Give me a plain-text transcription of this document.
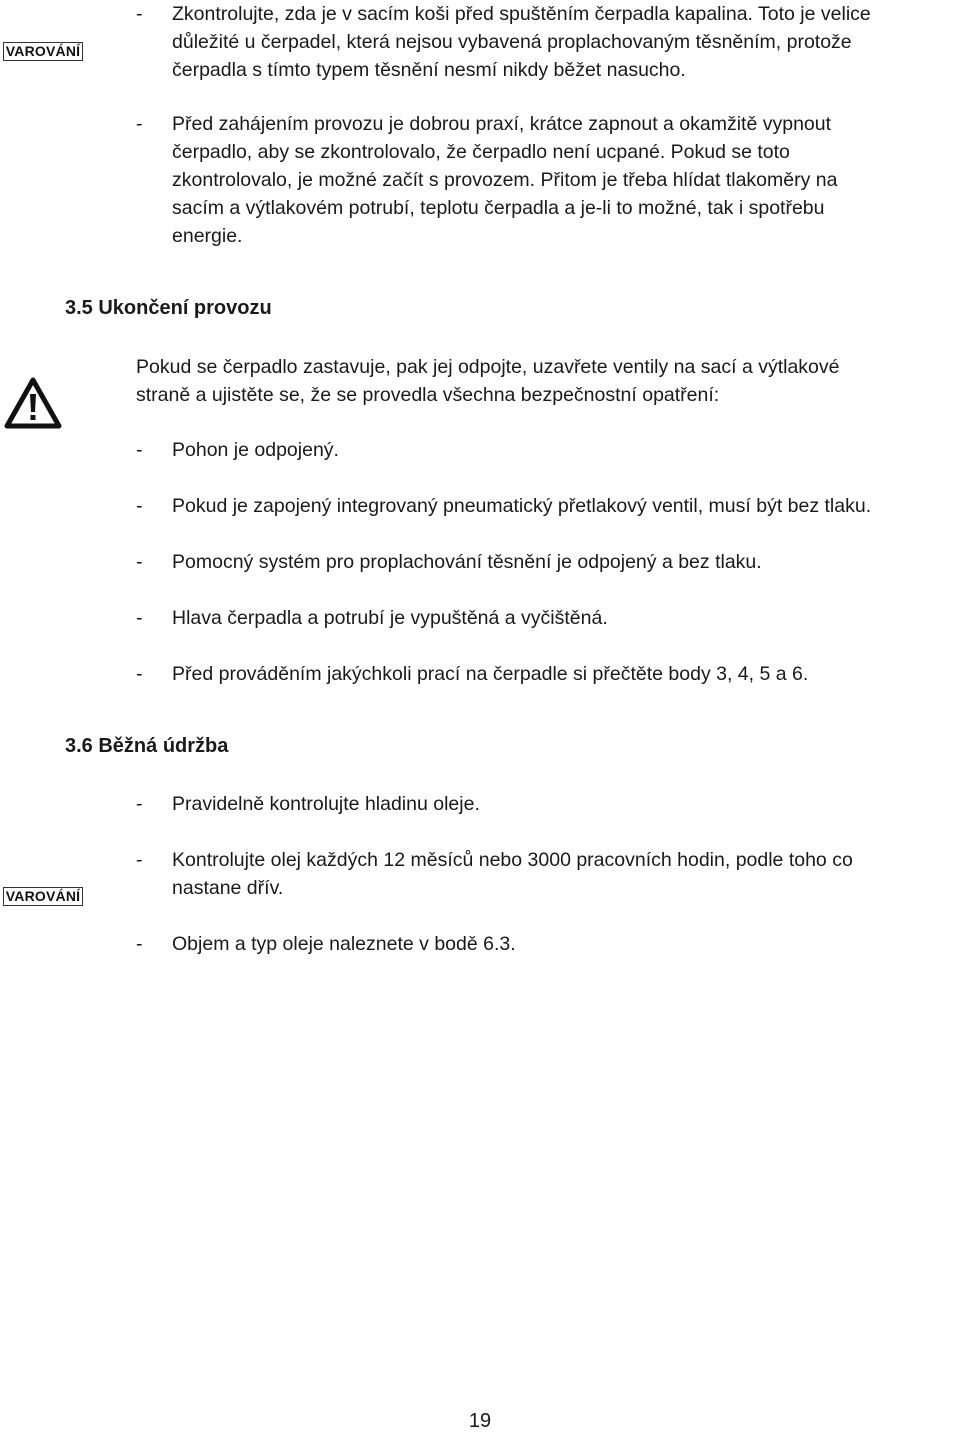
VAROVÁNÍ
- Zkontrolujte, zda je v sacím koši před spuštěním čerpadla kapalina. Toto je velice
důležité u čerpadel, která nejsou vybavená proplachovaným těsněním, protože
čerpadla s tímto typem těsnění nesmí nikdy běžet nasucho.
- Před zahájením provozu je dobrou praxí, krátce zapnout a okamžitě vypnout
čerpadlo, aby se zkontrolovalo, že čerpadlo není ucpané. Pokud se toto
zkontrolovalo, je možné začít s provozem. Přitom je třeba hlídat tlakoměry na
sacím a výtlakovém potrubí, teplotu čerpadla a je-li to možné, tak i spotřebu
energie.
3.5 Ukončení provozu
Pokud se čerpadlo zastavuje, pak jej odpojte, uzavřete ventily na sací a výtlakové
straně a ujistěte se, že se provedla všechna bezpečnostní opatření:
- Pohon je odpojený.
- Pokud je zapojený integrovaný pneumatický přetlakový ventil, musí být bez tlaku.
- Pomocný systém pro proplachování těsnění je odpojený a bez tlaku.
- Hlava čerpadla a potrubí je vypuštěná a vyčištěná.
- Před prováděním jakýchkoli prací na čerpadle si přečtěte body 3, 4, 5 a 6.
3.6 Běžná údržba
- Pravidelně kontrolujte hladinu oleje.
VAROVÁNÍ
- Kontrolujte olej každých 12 měsíců nebo 3000 pracovních hodin, podle toho co
nastane dřív.
- Objem a typ oleje naleznete v bodě 6.3.
19
